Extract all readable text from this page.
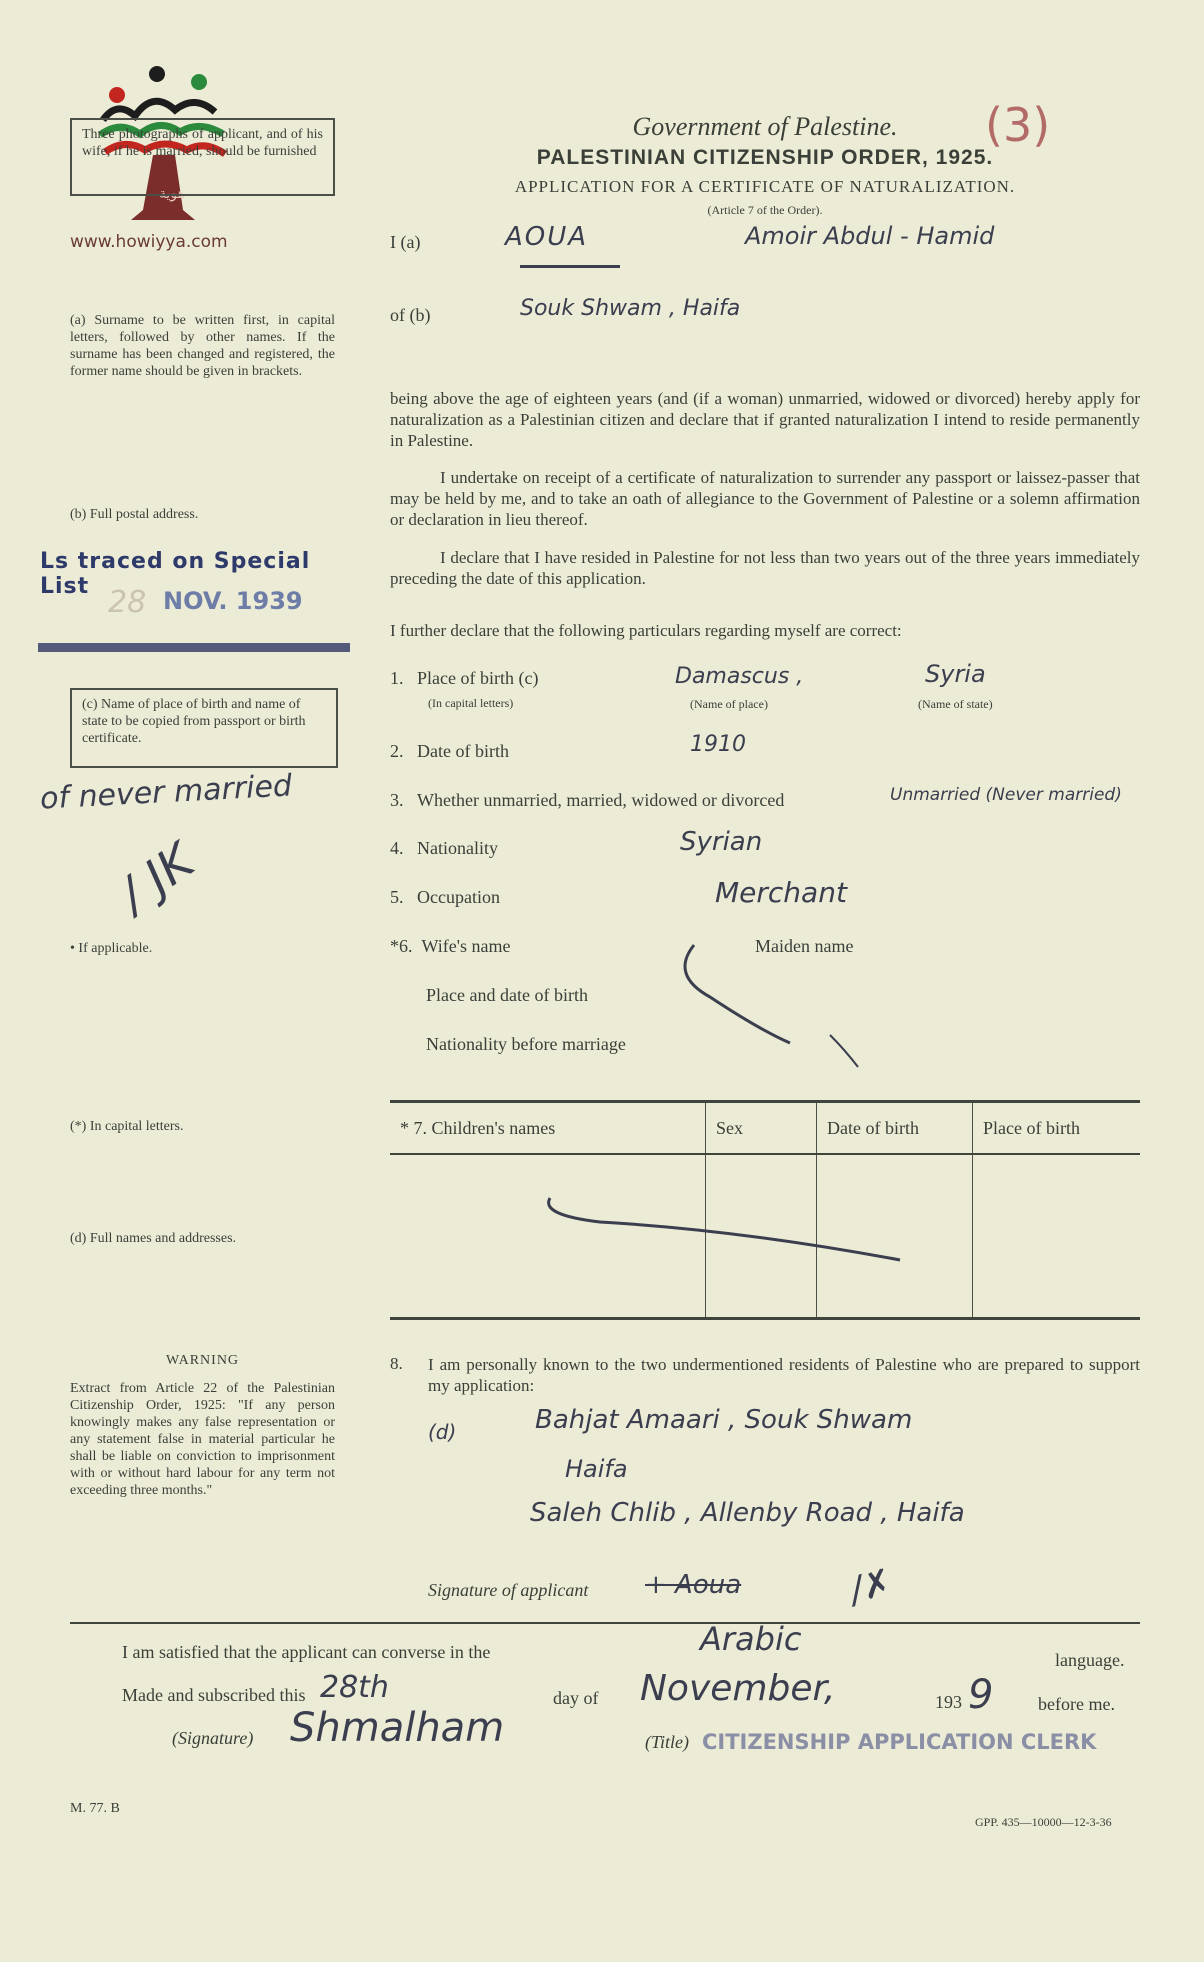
هوية
www.howiyya.com
Three photographs of applicant, and of his wife, if he is married, should be furnished
(a) Surname to be written first, in capital letters, followed by other names. If the surname has been changed and registered, the former name should be given in brackets.
(b) Full postal address.
Ls traced on Special List 28 NOV. 1939
(c) Name of place of birth and name of state to be copied from passport or birth certificate.
of never married
/ JK
• If applicable.
(*) In capital letters.
(d) Full names and addresses.
WARNING
Extract from Article 22 of the Palestinian Citizenship Order, 1925: "If any person knowingly makes any false representation or any statement false in material particular he shall be liable on conviction to imprisonment with or without hard labour for any term not exceeding three months."
Government of Palestine.
PALESTINIAN CITIZENSHIP ORDER, 1925.
APPLICATION FOR A CERTIFICATE OF NATURALIZATION.
(Article 7 of the Order).
(3)
I (a)	AOUA	Amoir Abdul - Hamid
of (b)	Souk Shwam , Haifa
being above the age of eighteen years (and (if a woman) unmarried, widowed or divorced) hereby apply for naturalization as a Palestinian citizen and declare that if granted naturalization I intend to reside permanently in Palestine.
I undertake on receipt of a certificate of naturalization to surrender any passport or laissez-passer that may be held by me, and to take an oath of allegiance to the Government of Palestine or a solemn affirmation or declaration in lieu thereof.
I declare that I have resided in Palestine for not less than two years out of the three years immediately preceding the date of this application.
I further declare that the following particulars regarding myself are correct:
1.   Place of birth (c)
(In capital letters)
Damascus ,
(Name of place)
Syria
(Name of state)
2.   Date of birth	1910
3.   Whether unmarried, married, widowed or divorced	Unmarried (Never married)
4.   Nationality	Syrian
5.   Occupation	Merchant
*6.  Wife's name	Maiden name
Place and date of birth
Nationality before marriage
* 7. Children's names	Sex	Date of birth	Place of birth

8. I am personally known to the two undermentioned residents of Palestine who are prepared to support my application:
(d)	Bahjat Amaari , Souk Shwam
Haifa
Saleh Chlib , Allenby Road , Haifa
Signature of applicant + Aoua	/✗
I am satisfied that the applicant can converse in the	Arabic
language.
Made and subscribed this 28th	day of November,	193 9 before me.
(Signature) Shmalham	(Title) CITIZENSHIP APPLICATION CLERK
M. 77. B
GPP. 435—10000—12-3-36
